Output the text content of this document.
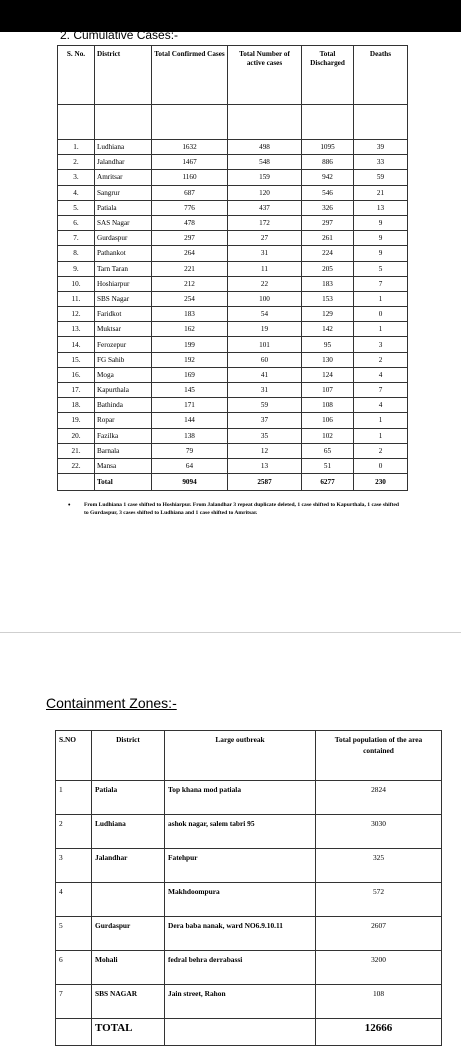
2. Cumulative Cases:-
S. No.	District	Total Confirmed Cases	Total Number of active cases	Total Discharged	Deaths

1.	Ludhiana	1632	498	1095	39
2.	Jalandhar	1467	548	886	33
3.	Amritsar	1160	159	942	59
4.	Sangrur	687	120	546	21
5.	Patiala	776	437	326	13
6.	SAS Nagar	478	172	297	9
7.	Gurdaspur	297	27	261	9
8.	Pathankot	264	31	224	9
9.	Tarn Taran	221	11	205	5
10.	Hoshiarpur	212	22	183	7
11.	SBS Nagar	254	100	153	1
12.	Faridkot	183	54	129	0
13.	Muktsar	162	19	142	1
14.	Ferozepur	199	101	95	3
15.	FG Sahib	192	60	130	2
16.	Moga	169	41	124	4
17.	Kapurthala	145	31	107	7
18.	Bathinda	171	59	108	4
19.	Ropar	144	37	106	1
20.	Fazilka	138	35	102	1
21.	Barnala	79	12	65	2
22.	Mansa	64	13	51	0
	Total	9094	2587	6277	230
• From Ludhiana 1 case shifted to Hoshiarpur. From Jalandhar 3 repeat duplicate deleted, 1 case shifted to Kapurthala, 1 case shifted to Gurdaspur, 3 cases shifted to Ludhiana and 1 case shifted to Amritsar.
Containment Zones:-
S.NO	District	Large outbreak	Total population of the area contained
1	Patiala	Top khana mod patiala	2824
2	Ludhiana	ashok nagar, salem tabri 95	3030
3	Jalandhar	Fatehpur	325
4		Makhdoompura	572
5	Gurdaspur	Dera baba nanak, ward NO6.9.10.11	2607
6	Mohali	fedral behra derrabassi	3200
7	SBS NAGAR	Jain street, Rahon	108
	TOTAL		12666
